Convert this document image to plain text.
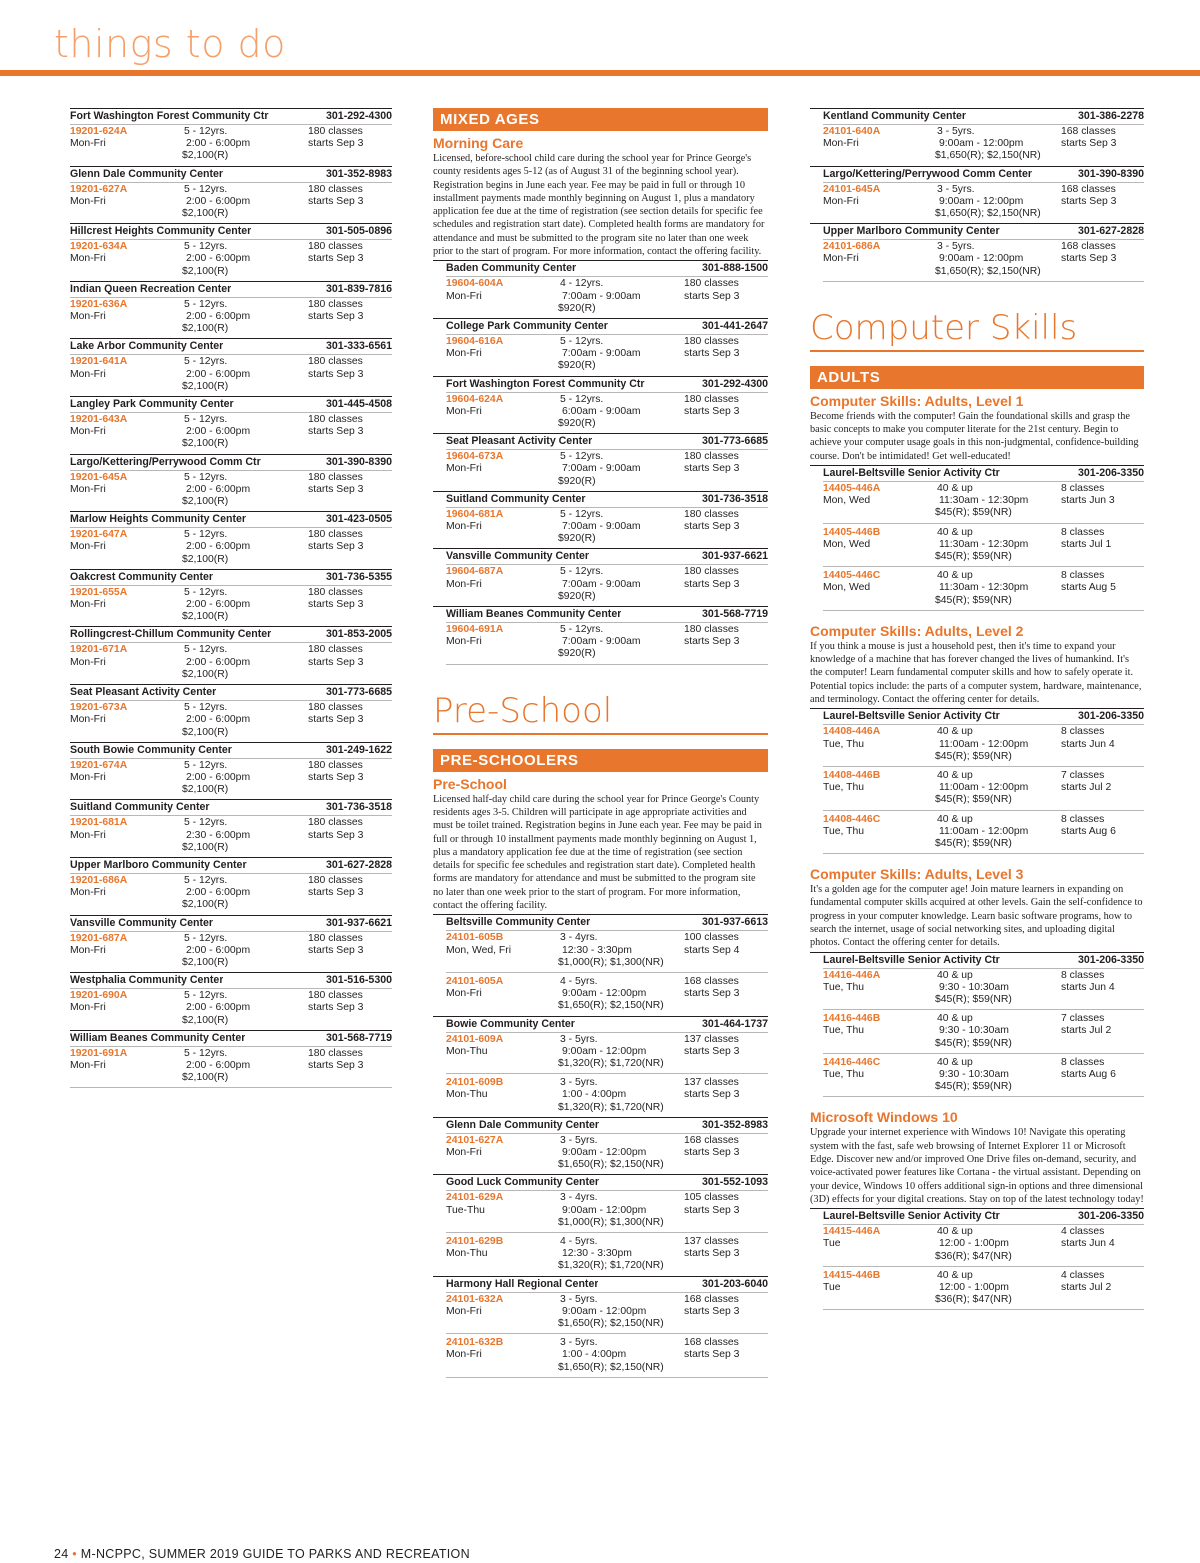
things to do
Fort Washington Forest Community Ctr	301-292-4300
19201-624A	5 - 12yrs.	180 classes
Mon-Fri	2:00 - 6:00pm	starts Sep 3
$2,100(R)
Glenn Dale Community Center	301-352-8983
19201-627A	5 - 12yrs.	180 classes
Mon-Fri	2:00 - 6:00pm	starts Sep 3
$2,100(R)
Hillcrest Heights Community Center	301-505-0896
19201-634A	5 - 12yrs.	180 classes
Mon-Fri	2:00 - 6:00pm	starts Sep 3
$2,100(R)
Indian Queen Recreation Center	301-839-7816
19201-636A	5 - 12yrs.	180 classes
Mon-Fri	2:00 - 6:00pm	starts Sep 3
$2,100(R)
Lake Arbor Community Center	301-333-6561
19201-641A	5 - 12yrs.	180 classes
Mon-Fri	2:00 - 6:00pm	starts Sep 3
$2,100(R)
Langley Park Community Center	301-445-4508
19201-643A	5 - 12yrs.	180 classes
Mon-Fri	2:00 - 6:00pm	starts Sep 3
$2,100(R)
Largo/Kettering/Perrywood Comm Ctr	301-390-8390
19201-645A	5 - 12yrs.	180 classes
Mon-Fri	2:00 - 6:00pm	starts Sep 3
$2,100(R)
Marlow Heights Community Center	301-423-0505
19201-647A	5 - 12yrs.	180 classes
Mon-Fri	2:00 - 6:00pm	starts Sep 3
$2,100(R)
Oakcrest Community Center	301-736-5355
19201-655A	5 - 12yrs.	180 classes
Mon-Fri	2:00 - 6:00pm	starts Sep 3
$2,100(R)
Rollingcrest-Chillum Community Center	301-853-2005
19201-671A	5 - 12yrs.	180 classes
Mon-Fri	2:00 - 6:00pm	starts Sep 3
$2,100(R)
Seat Pleasant Activity Center	301-773-6685
19201-673A	5 - 12yrs.	180 classes
Mon-Fri	2:00 - 6:00pm	starts Sep 3
$2,100(R)
South Bowie Community Center	301-249-1622
19201-674A	5 - 12yrs.	180 classes
Mon-Fri	2:00 - 6:00pm	starts Sep 3
$2,100(R)
Suitland Community Center	301-736-3518
19201-681A	5 - 12yrs.	180 classes
Mon-Fri	2:30 - 6:00pm	starts Sep 3
$2,100(R)
Upper Marlboro Community Center	301-627-2828
19201-686A	5 - 12yrs.	180 classes
Mon-Fri	2:00 - 6:00pm	starts Sep 3
$2,100(R)
Vansville Community Center	301-937-6621
19201-687A	5 - 12yrs.	180 classes
Mon-Fri	2:00 - 6:00pm	starts Sep 3
$2,100(R)
Westphalia Community Center	301-516-5300
19201-690A	5 - 12yrs.	180 classes
Mon-Fri	2:00 - 6:00pm	starts Sep 3
$2,100(R)
William Beanes Community Center	301-568-7719
19201-691A	5 - 12yrs.	180 classes
Mon-Fri	2:00 - 6:00pm	starts Sep 3
$2,100(R)
MIXED AGES
Morning Care
Licensed, before-school child care during the school year for Prince George's county residents ages 5-12 (as of August 31 of the beginning school year). Registration begins in June each year. Fee may be paid in full or through 10 installment payments made monthly beginning on August 1, plus a mandatory application fee due at the time of registration (see section details for specific fee schedules and registration start date). Completed health forms are mandatory for attendance and must be submitted to the program site no later than one week prior to the start of program. For more information, contact the offering facility.
Baden Community Center	301-888-1500
19604-604A	4 - 12yrs.	180 classes
Mon-Fri	7:00am - 9:00am	starts Sep 3
$920(R)
College Park Community Center	301-441-2647
19604-616A	5 - 12yrs.	180 classes
Mon-Fri	7:00am - 9:00am	starts Sep 3
$920(R)
Fort Washington Forest Community Ctr	301-292-4300
19604-624A	5 - 12yrs.	180 classes
Mon-Fri	6:00am - 9:00am	starts Sep 3
$920(R)
Seat Pleasant Activity Center	301-773-6685
19604-673A	5 - 12yrs.	180 classes
Mon-Fri	7:00am - 9:00am	starts Sep 3
$920(R)
Suitland Community Center	301-736-3518
19604-681A	5 - 12yrs.	180 classes
Mon-Fri	7:00am - 9:00am	starts Sep 3
$920(R)
Vansville Community Center	301-937-6621
19604-687A	5 - 12yrs.	180 classes
Mon-Fri	7:00am - 9:00am	starts Sep 3
$920(R)
William Beanes Community Center	301-568-7719
19604-691A	5 - 12yrs.	180 classes
Mon-Fri	7:00am - 9:00am	starts Sep 3
$920(R)
Pre-School
PRE-SCHOOLERS
Pre-School
Licensed half-day child care during the school year for Prince George's County residents ages 3-5. Children will participate in age appropriate activities and must be toilet trained. Registration begins in June each year. Fee may be paid in full or through 10 installment payments made monthly beginning on August 1, plus a mandatory application fee due at the time of registration (see section details for specific fee schedules and registration start date). Completed health forms are mandatory for attendance and must be submitted to the program site no later than one week prior to the start of program. For more information, contact the offering facility.
Beltsville Community Center	301-937-6613
24101-605B	3 - 4yrs.	100 classes
Mon, Wed, Fri	12:30 - 3:30pm	starts Sep 4
$1,000(R); $1,300(NR)
24101-605A	4 - 5yrs.	168 classes
Mon-Fri	9:00am - 12:00pm	starts Sep 3
$1,650(R); $2,150(NR)
Bowie Community Center	301-464-1737
24101-609A	3 - 5yrs.	137 classes
Mon-Thu	9:00am - 12:00pm	starts Sep 3
$1,320(R); $1,720(NR)
24101-609B	3 - 5yrs.	137 classes
Mon-Thu	1:00 - 4:00pm	starts Sep 3
$1,320(R); $1,720(NR)
Glenn Dale Community Center	301-352-8983
24101-627A	3 - 5yrs.	168 classes
Mon-Fri	9:00am - 12:00pm	starts Sep 3
$1,650(R); $2,150(NR)
Good Luck Community Center	301-552-1093
24101-629A	3 - 4yrs.	105 classes
Tue-Thu	9:00am - 12:00pm	starts Sep 3
$1,000(R); $1,300(NR)
24101-629B	4 - 5yrs.	137 classes
Mon-Thu	12:30 - 3:30pm	starts Sep 3
$1,320(R); $1,720(NR)
Harmony Hall Regional Center	301-203-6040
24101-632A	3 - 5yrs.	168 classes
Mon-Fri	9:00am - 12:00pm	starts Sep 3
$1,650(R); $2,150(NR)
24101-632B	3 - 5yrs.	168 classes
Mon-Fri	1:00 - 4:00pm	starts Sep 3
$1,650(R); $2,150(NR)
Kentland Community Center	301-386-2278
24101-640A	3 - 5yrs.	168 classes
Mon-Fri	9:00am - 12:00pm	starts Sep 3
$1,650(R); $2,150(NR)
Largo/Kettering/Perrywood Comm Center	301-390-8390
24101-645A	3 - 5yrs.	168 classes
Mon-Fri	9:00am - 12:00pm	starts Sep 3
$1,650(R); $2,150(NR)
Upper Marlboro Community Center	301-627-2828
24101-686A	3 - 5yrs.	168 classes
Mon-Fri	9:00am - 12:00pm	starts Sep 3
$1,650(R); $2,150(NR)
Computer Skills
ADULTS
Computer Skills: Adults, Level 1
Become friends with the computer! Gain the foundational skills and grasp the basic concepts to make you computer literate for the 21st century. Begin to achieve your computer usage goals in this non-judgmental, confidence-building course. Don't be intimidated! Get well-educated!
Laurel-Beltsville Senior Activity Ctr	301-206-3350
14405-446A	40 & up	8 classes
Mon, Wed	11:30am - 12:30pm	starts Jun 3
$45(R); $59(NR)
14405-446B	40 & up	8 classes
Mon, Wed	11:30am - 12:30pm	starts Jul 1
$45(R); $59(NR)
14405-446C	40 & up	8 classes
Mon, Wed	11:30am - 12:30pm	starts Aug 5
$45(R); $59(NR)
Computer Skills: Adults, Level 2
If you think a mouse is just a household pest, then it's time to expand your knowledge of a machine that has forever changed the lives of humankind. It's the computer! Learn fundamental computer skills and how to safely operate it. Potential topics include: the parts of a computer system, hardware, maintenance, and terminology. Contact the offering center for details.
Laurel-Beltsville Senior Activity Ctr	301-206-3350
14408-446A	40 & up	8 classes
Tue, Thu	11:00am - 12:00pm	starts Jun 4
$45(R); $59(NR)
14408-446B	40 & up	7 classes
Tue, Thu	11:00am - 12:00pm	starts Jul 2
$45(R); $59(NR)
14408-446C	40 & up	8 classes
Tue, Thu	11:00am - 12:00pm	starts Aug 6
$45(R); $59(NR)
Computer Skills: Adults, Level 3
It's a golden age for the computer age! Join mature learners in expanding on fundamental computer skills acquired at other levels. Gain the self-confidence to progress in your computer knowledge. Learn basic software programs, how to search the internet, usage of social networking sites, and uploading digital photos. Contact the offering center for details.
Laurel-Beltsville Senior Activity Ctr	301-206-3350
14416-446A	40 & up	8 classes
Tue, Thu	9:30 - 10:30am	starts Jun 4
$45(R); $59(NR)
14416-446B	40 & up	7 classes
Tue, Thu	9:30 - 10:30am	starts Jul 2
$45(R); $59(NR)
14416-446C	40 & up	8 classes
Tue, Thu	9:30 - 10:30am	starts Aug 6
$45(R); $59(NR)
Microsoft Windows 10
Upgrade your internet experience with Windows 10! Navigate this operating system with the fast, safe web browsing of Internet Explorer 11 or Microsoft Edge. Discover new and/or improved One Drive files on-demand, security, and voice-activated power features like Cortana - the virtual assistant. Depending on your device, Windows 10 offers additional sign-in options and three dimensional (3D) effects for your digital creations. Stay on top of the latest technology today!
Laurel-Beltsville Senior Activity Ctr	301-206-3350
14415-446A	40 & up	4 classes
Tue	12:00 - 1:00pm	starts Jun 4
$36(R); $47(NR)
14415-446B	40 & up	4 classes
Tue	12:00 - 1:00pm	starts Jul 2
$36(R); $47(NR)
24 • M-NCPPC, SUMMER 2019 GUIDE TO PARKS AND RECREATION
